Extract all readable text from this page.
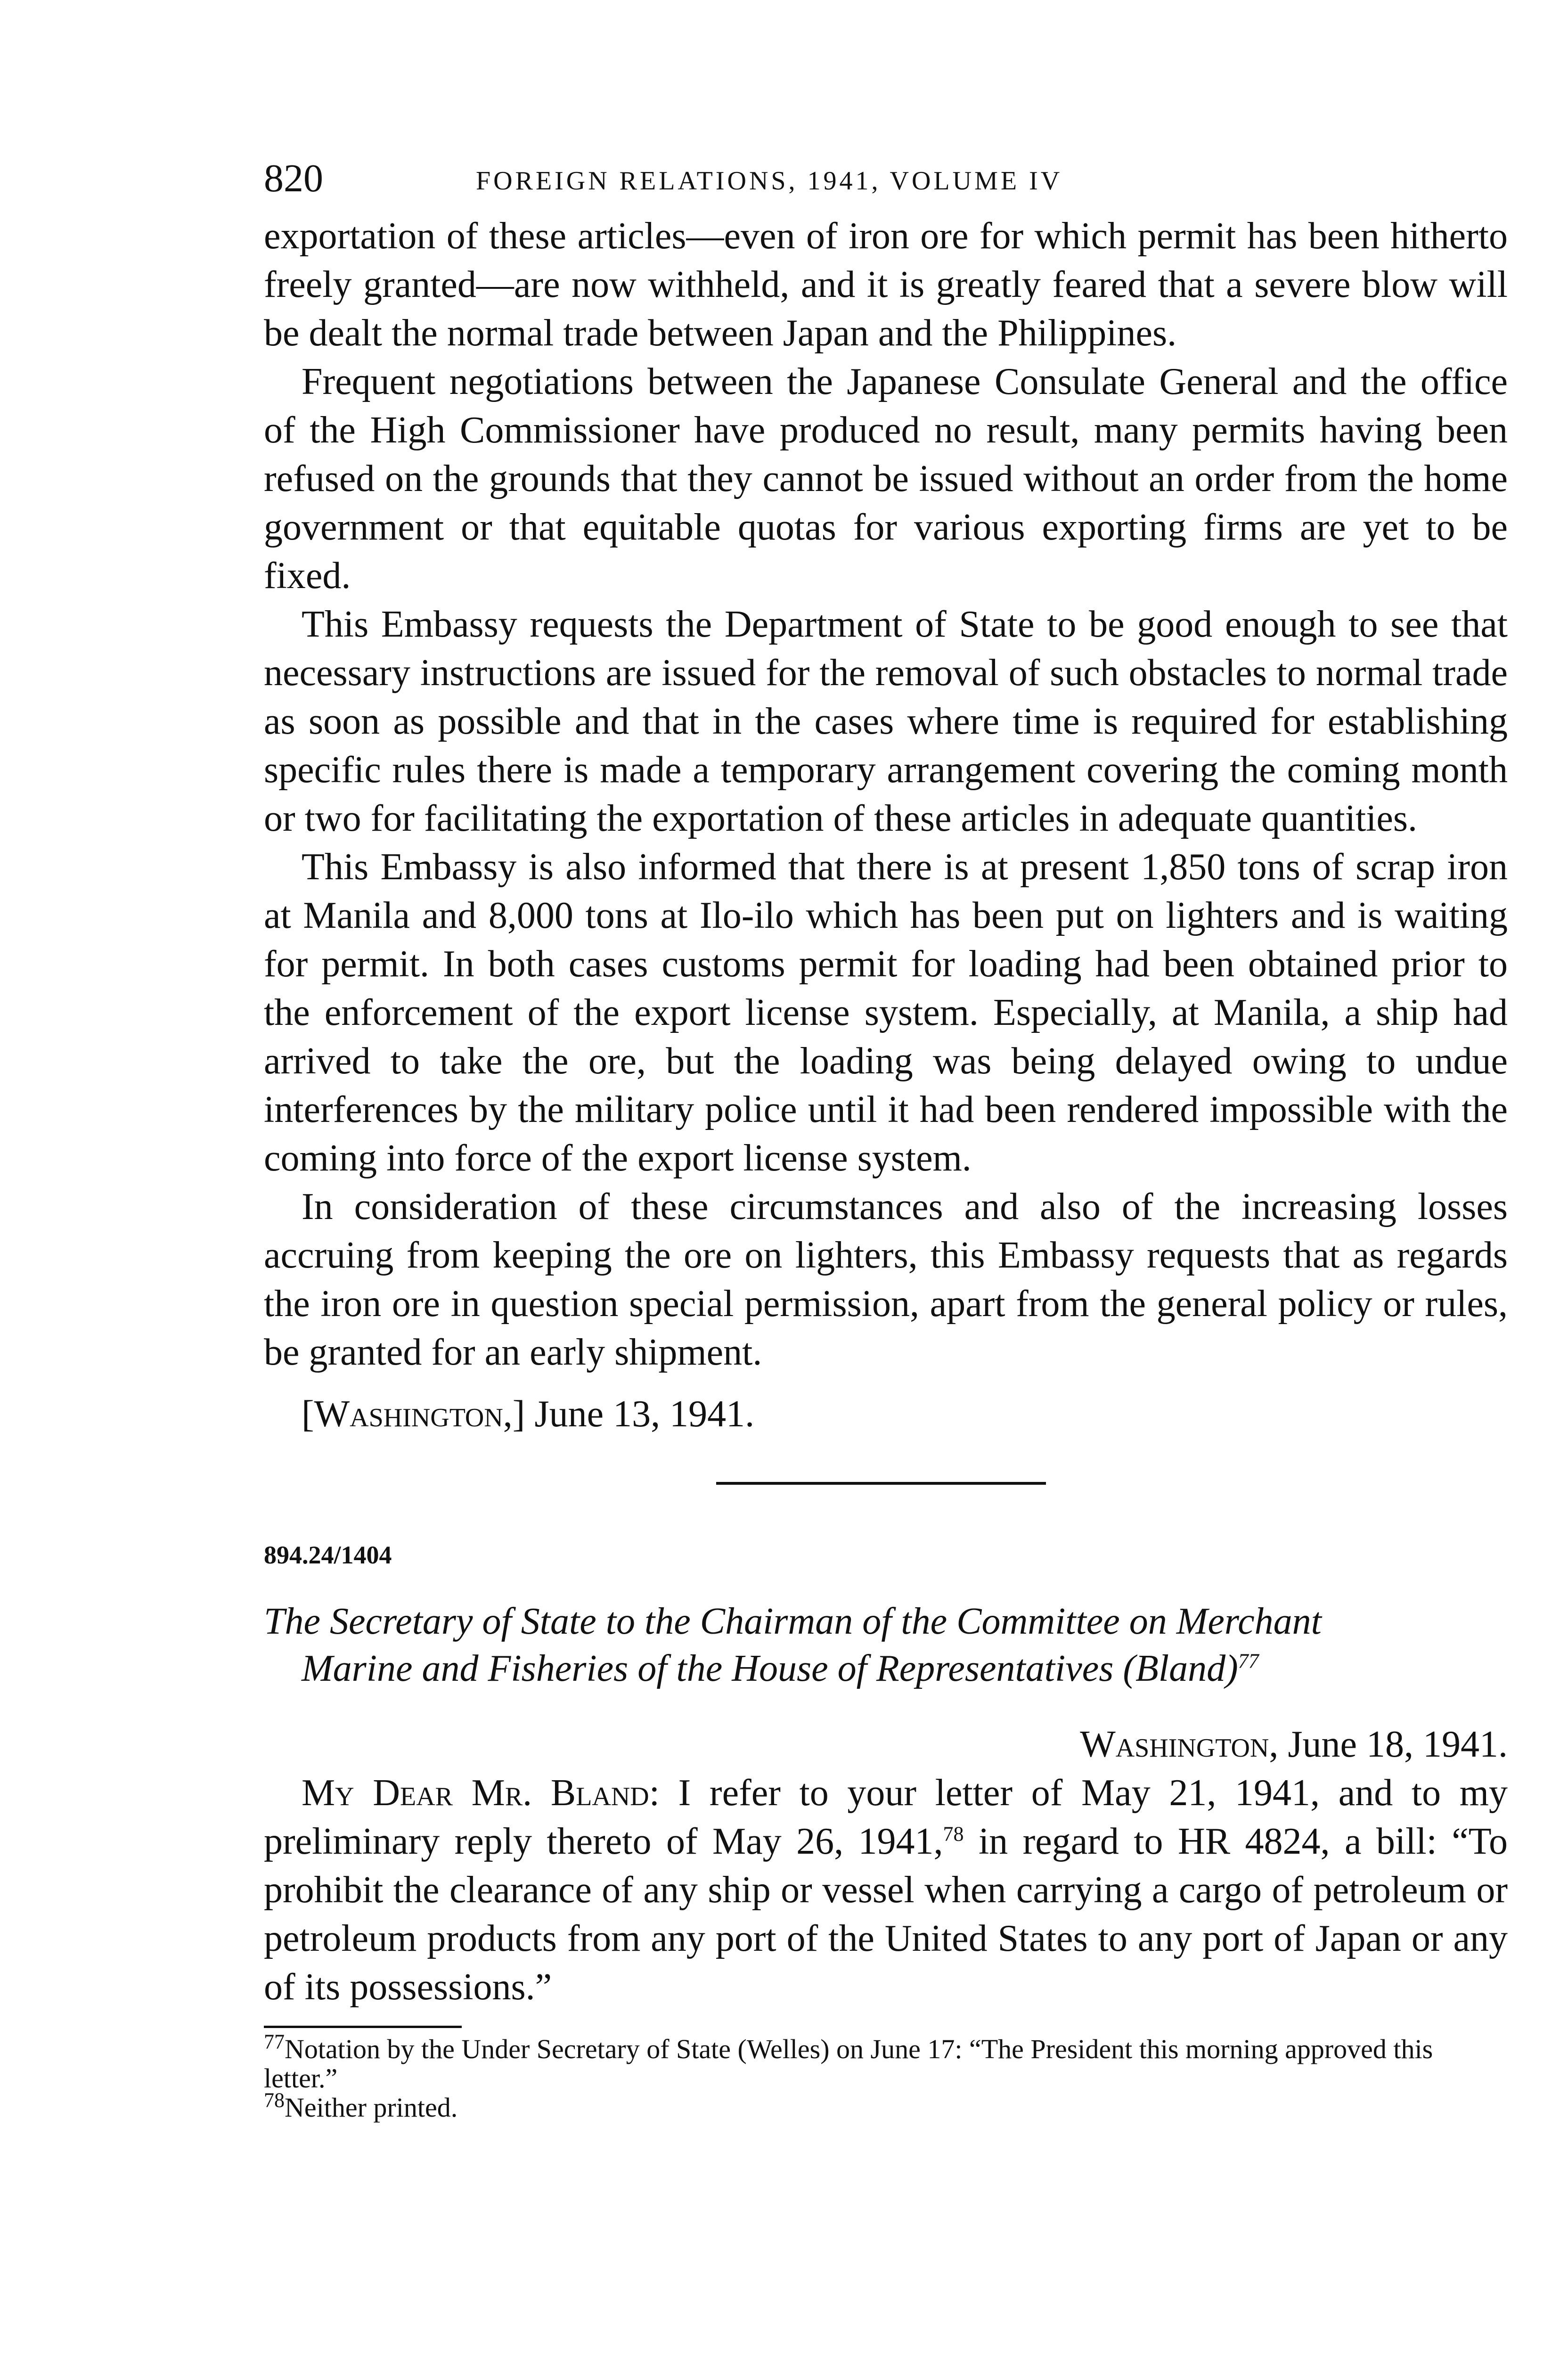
820	FOREIGN RELATIONS, 1941, VOLUME IV

exportation of these articles—even of iron ore for which permit has been hitherto freely granted—are now withheld, and it is greatly feared that a severe blow will be dealt the normal trade between Japan and the Philippines.

Frequent negotiations between the Japanese Consulate General and the office of the High Commissioner have produced no result, many permits having been refused on the grounds that they cannot be issued without an order from the home government or that equitable quotas for various exporting firms are yet to be fixed.

This Embassy requests the Department of State to be good enough to see that necessary instructions are issued for the removal of such obstacles to normal trade as soon as possible and that in the cases where time is required for establishing specific rules there is made a temporary arrangement covering the coming month or two for facilitating the exportation of these articles in adequate quantities.

This Embassy is also informed that there is at present 1,850 tons of scrap iron at Manila and 8,000 tons at Ilo-ilo which has been put on lighters and is waiting for permit. In both cases customs permit for loading had been obtained prior to the enforcement of the export license system. Especially, at Manila, a ship had arrived to take the ore, but the loading was being delayed owing to undue interferences by the military police until it had been rendered impossible with the coming into force of the export license system.

In consideration of these circumstances and also of the increasing losses accruing from keeping the ore on lighters, this Embassy requests that as regards the iron ore in question special permission, apart from the general policy or rules, be granted for an early shipment.

[Washington,] June 13, 1941.
894.24/1404
The Secretary of State to the Chairman of the Committee on Merchant
Marine and Fisheries of the House of Representatives (Bland)$^{77}$
Washington, June 18, 1941.

My Dear Mr. Bland: I refer to your letter of May 21, 1941, and to my preliminary reply thereto of May 26, 1941,78 in regard to HR 4824, a bill: “To prohibit the clearance of any ship or vessel when carrying a cargo of petroleum or petroleum products from any port of the United States to any port of Japan or any of its possessions.”

$^{77}$Notation by the Under Secretary of State (Welles) on June 17: “The President this morning approved this letter.”
$^{78}$Neither printed.
